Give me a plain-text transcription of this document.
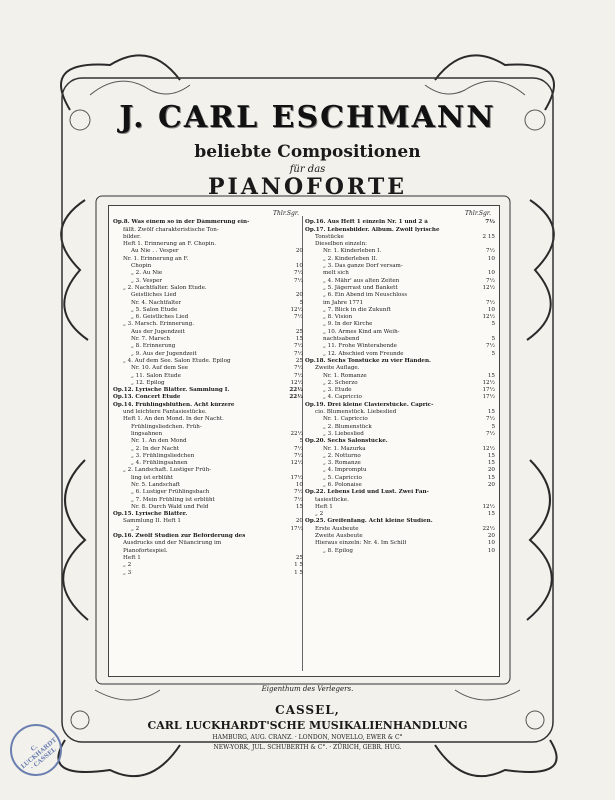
J. CARL ESCHMANN
beliebte Compositionen
für das
PIANOFORTE
Thlr.Sgr.
Op.8. Was einem so in der Dämmerung ein-
fällt. Zwölf charakteristische Ton-
bilder.
Heft 1. Erinnerung an F. Chopin.
Au Nie . . Vesper	20
Nr. 1. Erinnerung an F.
Chopin	10
„ 2. Au Nie	7½
„ 3. Vesper	7½
„ 2. Nachtfalter. Salon Etude.
Geistliches Lied	20
Nr. 4. Nachtfalter	5
„ 5. Salon Etude	12½
„ 6. Geistliches Lied	7½
„ 3. Marsch. Erinnerung.
Aus der Jugendzeit	25
Nr. 7. Marsch	15
„ 8. Erinnerung	7½
„ 9. Aus der Jugendzeit	7½
„ 4. Auf dem See. Salon Etude. Epilog	25
Nr. 10. Auf dem See	7½
„ 11. Salon Etude	7½
„ 12. Epilog	12½
Op.12. Lyrische Blätter. Sammlung I.	22½
Op.13. Concert Etude	22½
Op.14. Frühlingsblüthen. Acht kürzere
und leichtere Fantasiestücke.
Heft 1. An den Mond. In der Nacht.
Frühlingsliedchen. Früh-
lingsahnen	22½
Nr. 1. An den Mond	5
„ 2. In der Nacht	7½
„ 3. Frühlingsliedchen	7½
„ 4. Frühlingsahnen	12½
„ 2. Landschaft. Lustiger Früh-
ling ist erblüht	17½
Nr. 5. Landschaft	10
„ 6. Lustiger Frühlingsbach	7½
„ 7. Mein Frühling ist erblüht	7½
Nr. 8. Durch Wald und Feld	15
Op.15. Lyrische Blätter.
Sammlung II. Heft 1	20
„ 2	17½
Op.16. Zwölf Studien zur Beförderung des
Ausdrucks und der Nüancirung im
Pianofortespiel.
Heft 1	25
„ 2	1 5
„ 3	1 5
Thlr.Sgr.
Op.16. Aus Heft 1 einzeln Nr. 1 und 2 à	7½
Op.17. Lebensbilder. Album. Zwölf lyrische
Tonstücke	2 15
Dieselben einzeln:
Nr. 1. Kinderleben I.	7½
„ 2. Kinderleben II.	10
„ 3. Das ganze Dorf versam-
melt sich	10
„ 4. Mähr' aus alten Zeiten	7½
„ 5. Jägerrast und Bankett	12½
„ 6. Ein Abend im Neuschloss
im Jahre 1771	7½
„ 7. Blick in die Zukunft	10
„ 8. Vision	12½
„ 9. In der Kirche	5
„ 10. Armes Kind am Weih-
nachtsabend	5
„ 11. Frohe Winterabende	7½
„ 12. Abschied vom Freunde	5
Op.18. Sechs Tonstücke zu vier Händen.
Zweite Auflage.
Nr. 1. Romanze	15
„ 2. Scherzo	12½
„ 3. Etude	17½
„ 4. Capriccio	17½
Op.19. Drei kleine Clavierstücke. Capric-
cio. Blumenstück. Liebeslied	15
Nr. 1. Capriccio	7½
„ 2. Blumenstück	5
„ 3. Liebeslied	7½
Op.20. Sechs Salonstücke.
Nr. 1. Mazurka	12½
„ 2. Notturno	15
„ 3. Romanze	15
„ 4. Impromptu	20
„ 5. Capriccio	15
„ 6. Polonaise	20
Op.22. Lebens Leid und Lust. Zwei Fan-
tasiestücke.
Heft 1	12½
„ 2	15
Op.25. Greifenfang. Acht kleine Studien.
Erste Ausbeute	22½
Zweite Ausbeute	20
Hieraus einzeln: Nr. 4. Im Schilf	10
„ 8. Epilog	10
Eigenthum des Verlegers.
CASSEL,
CARL LUCKHARDT'SCHE MUSIKALIENHANDLUNG
HAMBURG, AUG. CRANZ. · LONDON, NOVELLO, EWER & C°
NEW-YORK, JUL. SCHUBERTH & C°. · ZÜRICH, GEBR. HUG.
C. LUCKHARDT · CASSEL
